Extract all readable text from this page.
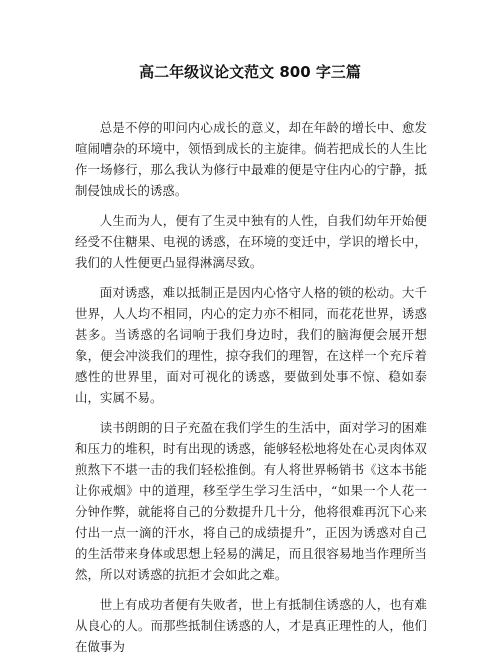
高二年级议论文范文 800 字三篇

总是不停的叩问内心成长的意义，却在年龄的增长中、愈发喧闹嘈杂的环境中，领悟到成长的主旋律。倘若把成长的人生比作一场修行，那么我认为修行中最难的便是守住内心的宁静，抵制侵蚀成长的诱惑。

人生而为人，便有了生灵中独有的人性，自我们幼年开始便经受不住糖果、电视的诱惑，在环境的变迁中，学识的增长中，我们的人性便更凸显得淋漓尽致。

面对诱惑，难以抵制正是因内心恪守人格的锁的松动。大千世界，人人均不相同，内心的定力亦不相同，而花花世界，诱惑甚多。当诱惑的名词响于我们身边时，我们的脑海便会展开想象，便会冲淡我们的理性，掠夺我们的理智，在这样一个充斥着感性的世界里，面对可视化的诱惑，要做到处事不惊、稳如泰山，实属不易。

读书朗朗的日子充盈在我们学生的生活中，面对学习的困难和压力的堆积，时有出现的诱惑，能够轻松地将处在心灵肉体双煎熬下不堪一击的我们轻松推倒。有人将世界畅销书《这本书能让你戒烟》中的道理，移至学生学习生活中，“如果一个人花一分钟作弊，就能将自己的分数提升几十分，他将很难再沉下心来付出一点一滴的汗水，将自己的成绩提升”，正因为诱惑对自己的生活带来身体或思想上轻易的满足，而且很容易地当作理所当然，所以对诱惑的抗拒才会如此之难。

世上有成功者便有失败者，世上有抵制住诱惑的人，也有难从良心的人。而那些抵制住诱惑的人，才是真正理性的人，他们在做事为
